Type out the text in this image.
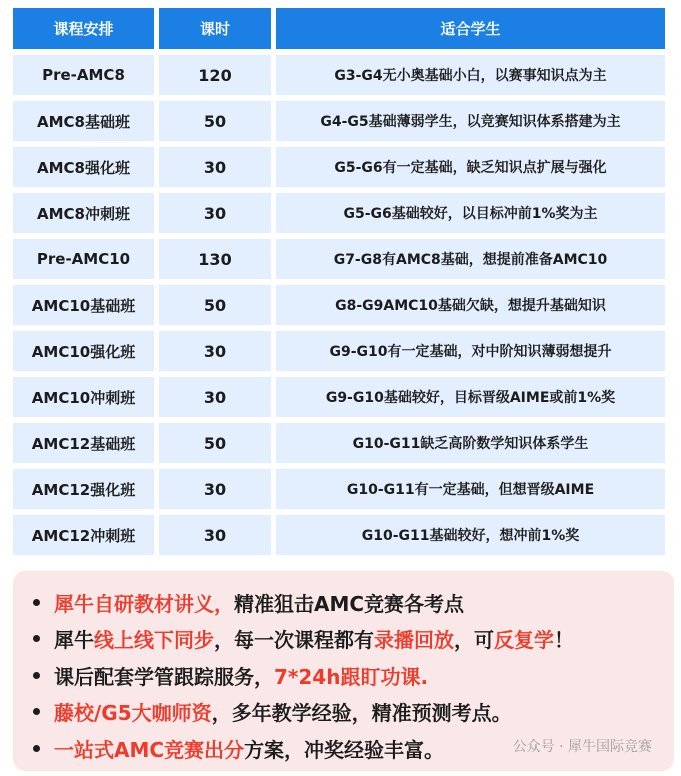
课程安排	课时	适合学生
Pre-AMC8	120	G3-G4无小奥基础小白，以赛事知识点为主
AMC8基础班	50	G4-G5基础薄弱学生，以竞赛知识体系搭建为主
AMC8强化班	30	G5-G6有一定基础，缺乏知识点扩展与强化
AMC8冲刺班	30	G5-G6基础较好，以目标冲前1%奖为主
Pre-AMC10	130	G7-G8有AMC8基础，想提前准备AMC10
AMC10基础班	50	G8-G9AMC10基础欠缺，想提升基础知识
AMC10强化班	30	G9-G10有一定基础，对中阶知识薄弱想提升
AMC10冲刺班	30	G9-G10基础较好，目标晋级AIME或前1%奖
AMC12基础班	50	G10-G11缺乏高阶数学知识体系学生
AMC12强化班	30	G10-G11有一定基础，但想晋级AIME
AMC12冲刺班	30	G10-G11基础较好，想冲前1%奖
犀牛自研教材讲义， 精准狙击AMC竞赛各考点
犀牛 线上线下同步 ，每一次课程都有 录播回放 ，可 反复学 ！
课后配套学管跟踪服务， 7*24h跟盯功课.
藤校/G5大咖师资 ，多年教学经验，精准预测考点。
一站式AMC竞赛出分 方案，冲奖经验丰富。	公众号 · 犀牛国际竞赛
